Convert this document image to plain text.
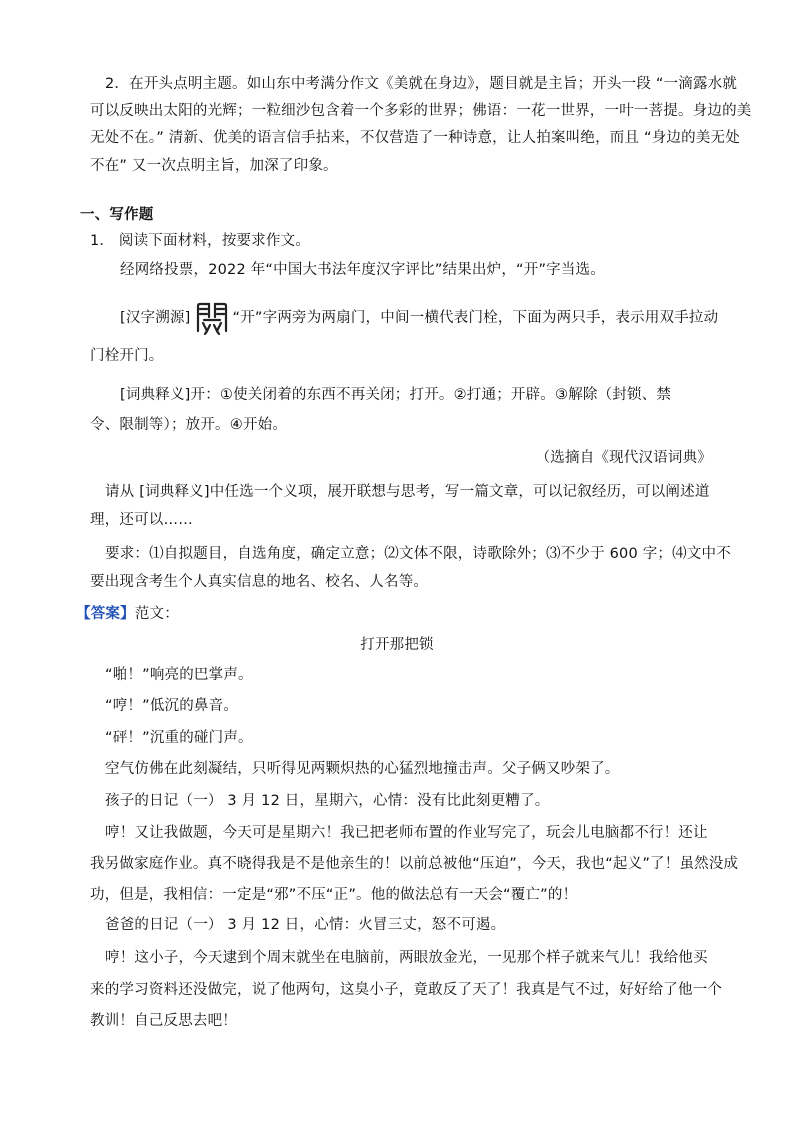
2．在开头点明主题。如山东中考满分作文《美就在身边》，题目就是主旨；开头一段 “一滴露水就
可以反映出太阳的光辉；一粒细沙包含着一个多彩的世界；佛语：一花一世界，一叶一菩提。身边的美
无处不在。” 清新、优美的语言信手拈来，不仅营造了一种诗意，让人拍案叫绝，而且 “身边的美无处
不在” 又一次点明主旨，加深了印象。
一、写作题
1． 阅读下面材料，按要求作文。
经网络投票，2022 年“中国大书法年度汉字评比”结果出炉，“开”字当选。
[汉字溯源]	“开”字两旁为两扇门，中间一横代表门栓，下面为两只手，表示用双手拉动
门栓开门。
[词典释义]开：①使关闭着的东西不再关闭；打开。②打通；开辟。③解除（封锁、禁
令、限制等）；放开。④开始。
（选摘自《现代汉语词典》
请从 [词典释义]中任选一个义项，展开联想与思考，写一篇文章，可以记叙经历，可以阐述道
理，还可以……
要求：⑴自拟题目，自选角度，确定立意；⑵文体不限，诗歌除外；⑶不少于 600 字；⑷文中不
要出现含考生个人真实信息的地名、校名、人名等。
【答案】范文：
打开那把锁
“啪！”响亮的巴掌声。
“哼！”低沉的鼻音。
“砰！”沉重的碰门声。
空气仿佛在此刻凝结，只听得见两颗炽热的心猛烈地撞击声。父子俩又吵架了。
孩子的日记（一） 3 月 12 日，星期六，心情：没有比此刻更糟了。
哼！又让我做题，今天可是星期六！我已把老师布置的作业写完了，玩会儿电脑都不行！还让
我另做家庭作业。真不晓得我是不是他亲生的！以前总被他“压迫”，今天，我也“起义”了！虽然没成
功，但是，我相信：一定是“邪”不压“正”。他的做法总有一天会“覆亡”的！
爸爸的日记（一） 3 月 12 日，心情：火冒三丈，怒不可遏。
哼！这小子，今天逮到个周末就坐在电脑前，两眼放金光，一见那个样子就来气儿！我给他买
来的学习资料还没做完，说了他两句，这臭小子，竟敢反了天了！我真是气不过，好好给了他一个
教训！自己反思去吧！
